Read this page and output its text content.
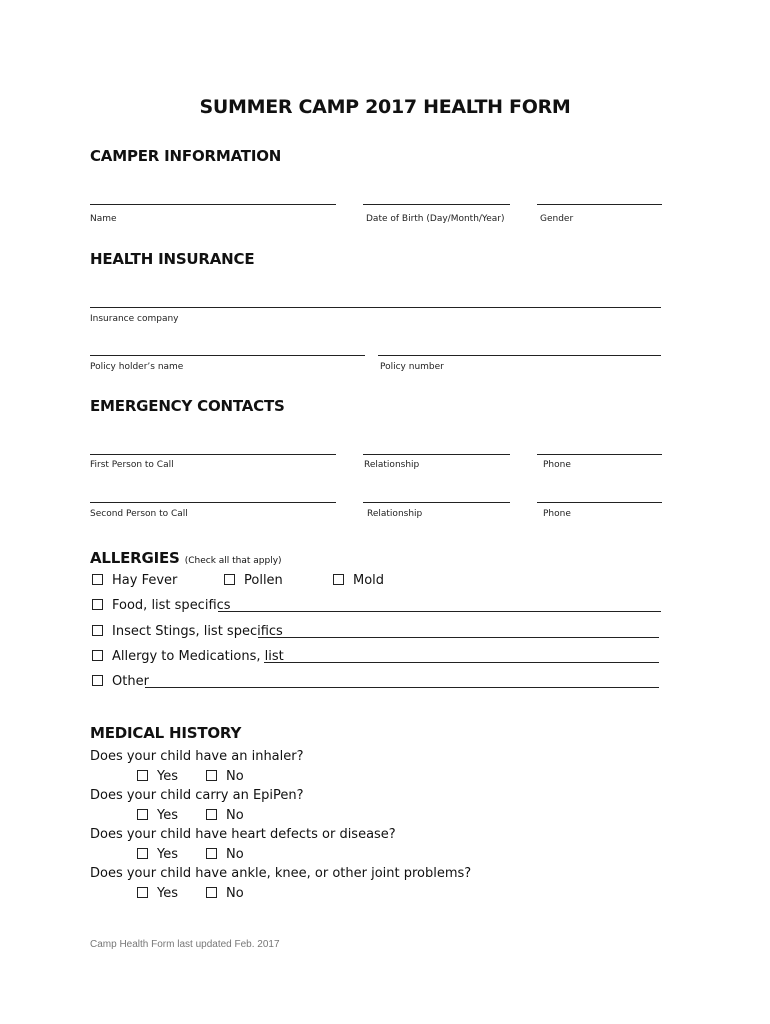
SUMMER CAMP 2017 HEALTH FORM
CAMPER INFORMATION
Name	Date of Birth (Day/Month/Year)	Gender
HEALTH INSURANCE
Insurance company
Policy holder’s name	Policy number
EMERGENCY CONTACTS
First Person to Call	Relationship	Phone
Second Person to Call	Relationship	Phone
ALLERGIES (Check all that apply)
Hay Fever	Pollen	Mold
Food, list specifics
Insect Stings, list specifics
Allergy to Medications, list
Other
MEDICAL HISTORY
Does your child have an inhaler?
Yes	No
Does your child carry an EpiPen?
Yes	No
Does your child have heart defects or disease?
Yes	No
Does your child have ankle, knee, or other joint problems?
Yes	No
Camp Health Form last updated Feb. 2017
